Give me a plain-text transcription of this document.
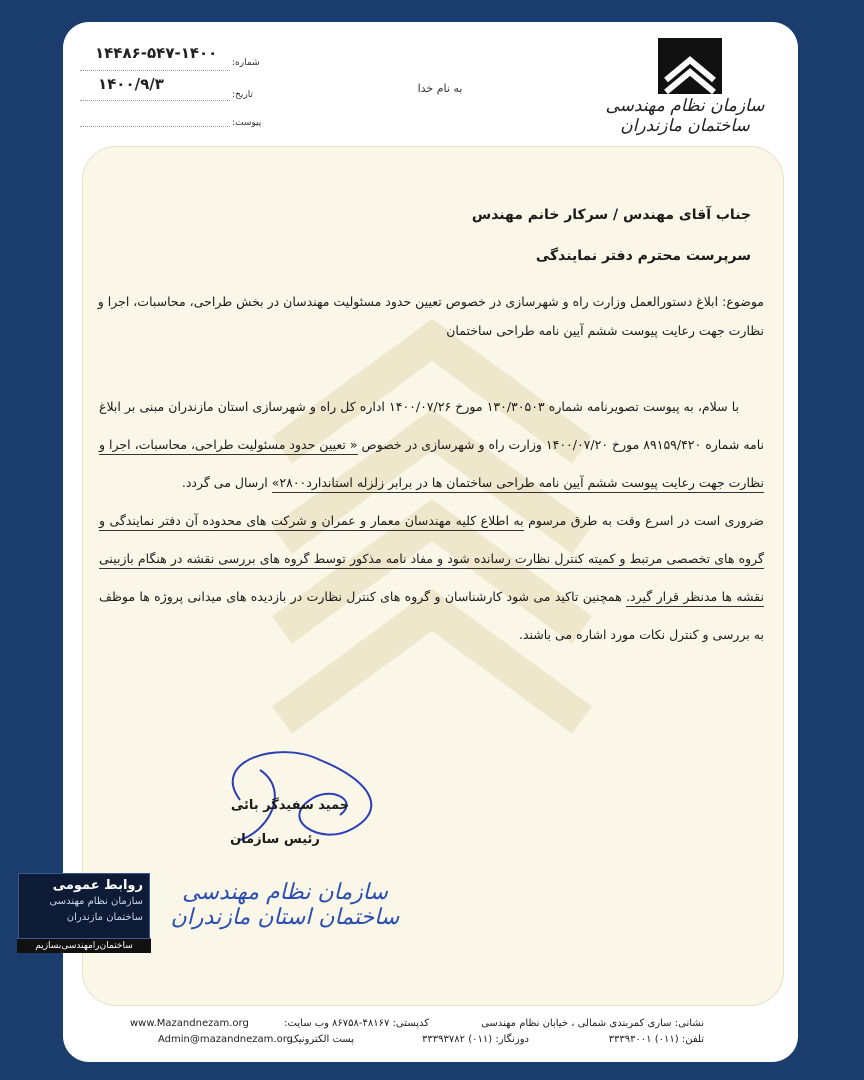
شماره:
۱۴۴۸۶-۵۴۷-۱۴۰۰
تاریخ:
۱۴۰۰/۹/۳
پیوست:
به نام خدا
سازمان نظام مهندسی ساختمان مازندران
جناب آقای مهندس / سرکار خانم مهندس
سرپرست محترم دفتر نمایندگی
موضوع: ابلاغ دستورالعمل وزارت راه و شهرسازی در خصوص تعیین حدود مسئولیت مهندسان در بخش طراحی، محاسبات، اجرا و نظارت جهت رعایت پیوست ششم آیین نامه طراحی ساختمان
  با سلام، به پیوست تصویرنامه شماره ۱۳۰/۳۰۵۰۳ مورخ ۱۴۰۰/۰۷/۲۶ اداره کل راه و شهرسازی استان مازندران مبنی بر ابلاغ نامه شماره ۸۹۱۵۹/۴۲۰ مورخ ۱۴۰۰/۰۷/۲۰ وزارت راه و شهرسازی در خصوص « تعیین حدود مسئولیت طراحی، محاسبات، اجرا و نظارت جهت رعایت پیوست ششم آیین نامه طراحی ساختمان ها در برابر زلزله استاندارد۲۸۰۰» ارسال می گردد.
ضروری است در اسرع وقت به طرق مرسوم به اطلاع کلیه مهندسان معمار و عمران و شرکت های محدوده آن دفتر نمایندگی و گروه های تخصصی مرتبط و کمیته کنترل نظارت رسانده شود و مفاد نامه مذکور توسط گروه های بررسی نقشه در هنگام بازبینی نقشه ها مدنظر قرار گیرد. همچنین تاکید می شود کارشناسان و گروه های کنترل نظارت در بازدیده های میدانی پروژه ها موظف به بررسی و کنترل نکات مورد اشاره می باشند.
حمید سفیدگر بائی
رئیس سازمان
سازمان نظام مهندسی ساختمان استان مازندران
نشانی: ساری کمربندی شمالی ، خیابان نظام مهندسی
کدپستی: ۴۸۱۶۷-۸۶۷۵۸
وب سایت:
www.Mazandnezam.org
تلفن: (۰۱۱) ۳۳۳۹۳۰۰۱
دورنگار: (۰۱۱) ۳۳۳۹۳۷۸۲
پست الکترونیک:
Admin@mazandnezam.org
روابط عمومی
سازمان نظام مهندسی
ساختمان مازندران
ساختمان‌را‌مهندسی‌بسازیم
